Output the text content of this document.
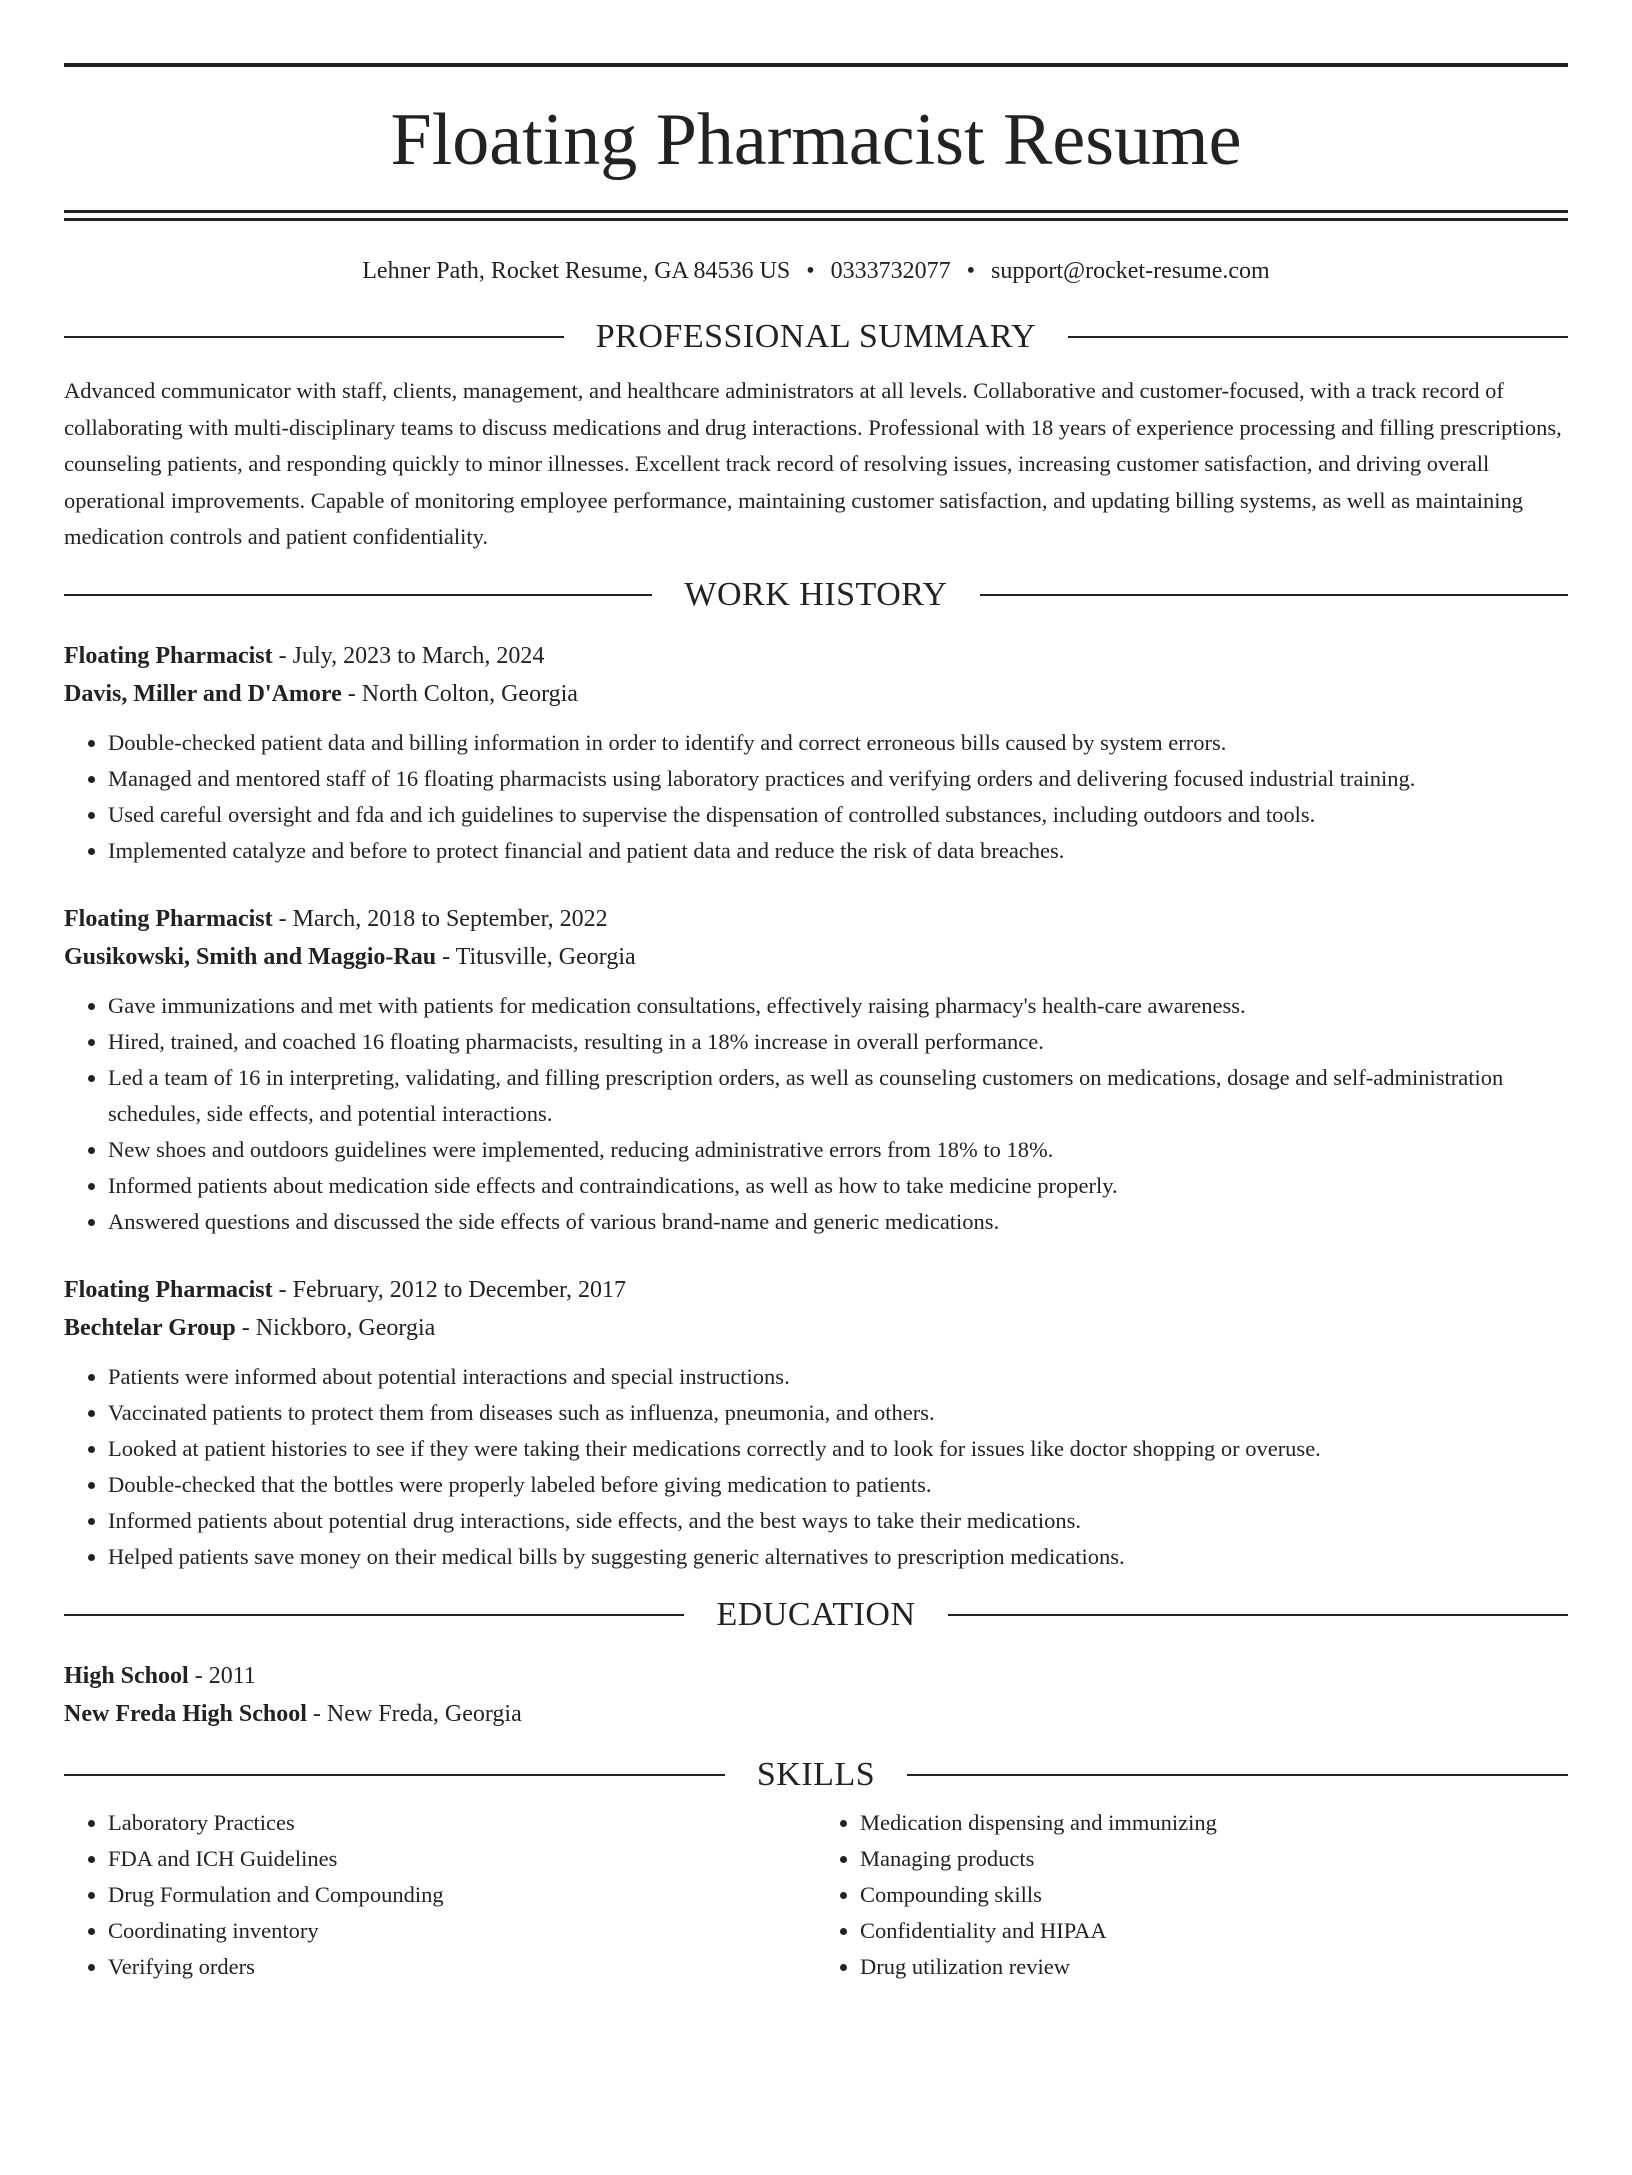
Floating Pharmacist Resume
Lehner Path, Rocket Resume, GA 84536 US • 0333732077 • support@rocket-resume.com
PROFESSIONAL SUMMARY

Advanced communicator with staff, clients, management, and healthcare administrators at all levels. Collaborative and customer-focused, with a track record of collaborating with multi-disciplinary teams to discuss medications and drug interactions. Professional with 18 years of experience processing and filling prescriptions, counseling patients, and responding quickly to minor illnesses. Excellent track record of resolving issues, increasing customer satisfaction, and driving overall operational improvements. Capable of monitoring employee performance, maintaining customer satisfaction, and updating billing systems, as well as maintaining medication controls and patient confidentiality.

WORK HISTORY
Floating Pharmacist - July, 2023 to March, 2024
Davis, Miller and D'Amore - North Colton, Georgia
• Double-checked patient data and billing information in order to identify and correct erroneous bills caused by system errors.
• Managed and mentored staff of 16 floating pharmacists using laboratory practices and verifying orders and delivering focused industrial training.
• Used careful oversight and fda and ich guidelines to supervise the dispensation of controlled substances, including outdoors and tools.
• Implemented catalyze and before to protect financial and patient data and reduce the risk of data breaches.
Floating Pharmacist - March, 2018 to September, 2022
Gusikowski, Smith and Maggio-Rau - Titusville, Georgia
• Gave immunizations and met with patients for medication consultations, effectively raising pharmacy's health-care awareness.
• Hired, trained, and coached 16 floating pharmacists, resulting in a 18% increase in overall performance.
• Led a team of 16 in interpreting, validating, and filling prescription orders, as well as counseling customers on medications, dosage and self-administration schedules, side effects, and potential interactions.
• New shoes and outdoors guidelines were implemented, reducing administrative errors from 18% to 18%.
• Informed patients about medication side effects and contraindications, as well as how to take medicine properly.
• Answered questions and discussed the side effects of various brand-name and generic medications.
Floating Pharmacist - February, 2012 to December, 2017
Bechtelar Group - Nickboro, Georgia
• Patients were informed about potential interactions and special instructions.
• Vaccinated patients to protect them from diseases such as influenza, pneumonia, and others.
• Looked at patient histories to see if they were taking their medications correctly and to look for issues like doctor shopping or overuse.
• Double-checked that the bottles were properly labeled before giving medication to patients.
• Informed patients about potential drug interactions, side effects, and the best ways to take their medications.
• Helped patients save money on their medical bills by suggesting generic alternatives to prescription medications.
EDUCATION
High School - 2011
New Freda High School - New Freda, Georgia
SKILLS
• Laboratory Practices
• FDA and ICH Guidelines
• Drug Formulation and Compounding
• Coordinating inventory
• Verifying orders
• Medication dispensing and immunizing
• Managing products
• Compounding skills
• Confidentiality and HIPAA
• Drug utilization review
